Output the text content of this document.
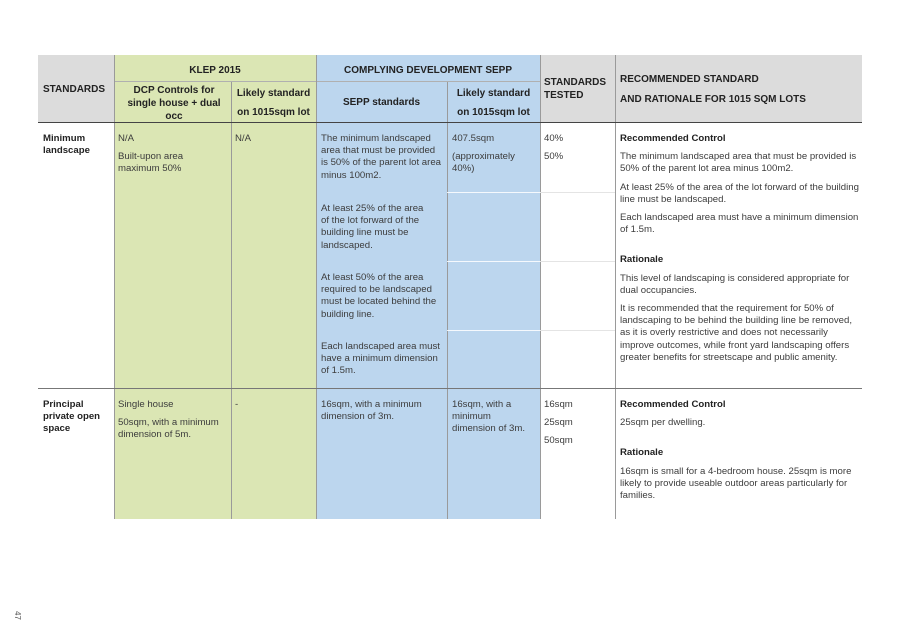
STANDARDS
KLEP 2015
DCP Controls for single house + dual occ
Likely standard
on 1015sqm lot
COMPLYING DEVELOPMENT SEPP
SEPP standards
Likely standard
on 1015sqm lot
STANDARDS TESTED
RECOMMENDED STANDARD
AND RATIONALE FOR 1015 SQM LOTS
Minimum landscape

N/A

Built-upon area maximum 50%

N/A	The minimum landscaped area that must be provided is 50% of the parent lot area minus 100m2.
At least 25% of the area of the lot forward of the building line must be landscaped.
At least 50% of the area required to be landscaped must be located behind the building line.
Each landscaped area must have a minimum dimension of 1.5m.

407.5sqm

(approximately 40%)

40%

50%

Recommended Control

The minimum landscaped area that must be provided is 50% of the parent lot area minus 100m2.

At least 25% of the area of the lot forward of the building line must be landscaped.

Each landscaped area must have a minimum dimension of 1.5m.

Rationale

This level of landscaping is considered appropriate for dual occupancies.

It is recommended that the requirement for 50% of landscaping to be behind the building line be removed, as it is overly restrictive and does not necessarily improve outcomes, while front yard landscaping offers greater benefits for streetscape and public amenity.

Principal private open space

Single house

50sqm, with a minimum dimension of 5m.

-	16sqm, with a minimum dimension of 3m.
16sqm, with a minimum dimension of 3m.

16sqm

25sqm

50sqm

Recommended Control

25sqm per dwelling.

Rationale

16sqm is small for a 4-bedroom house. 25sqm is more likely to provide useable outdoor areas particularly for families.

47
